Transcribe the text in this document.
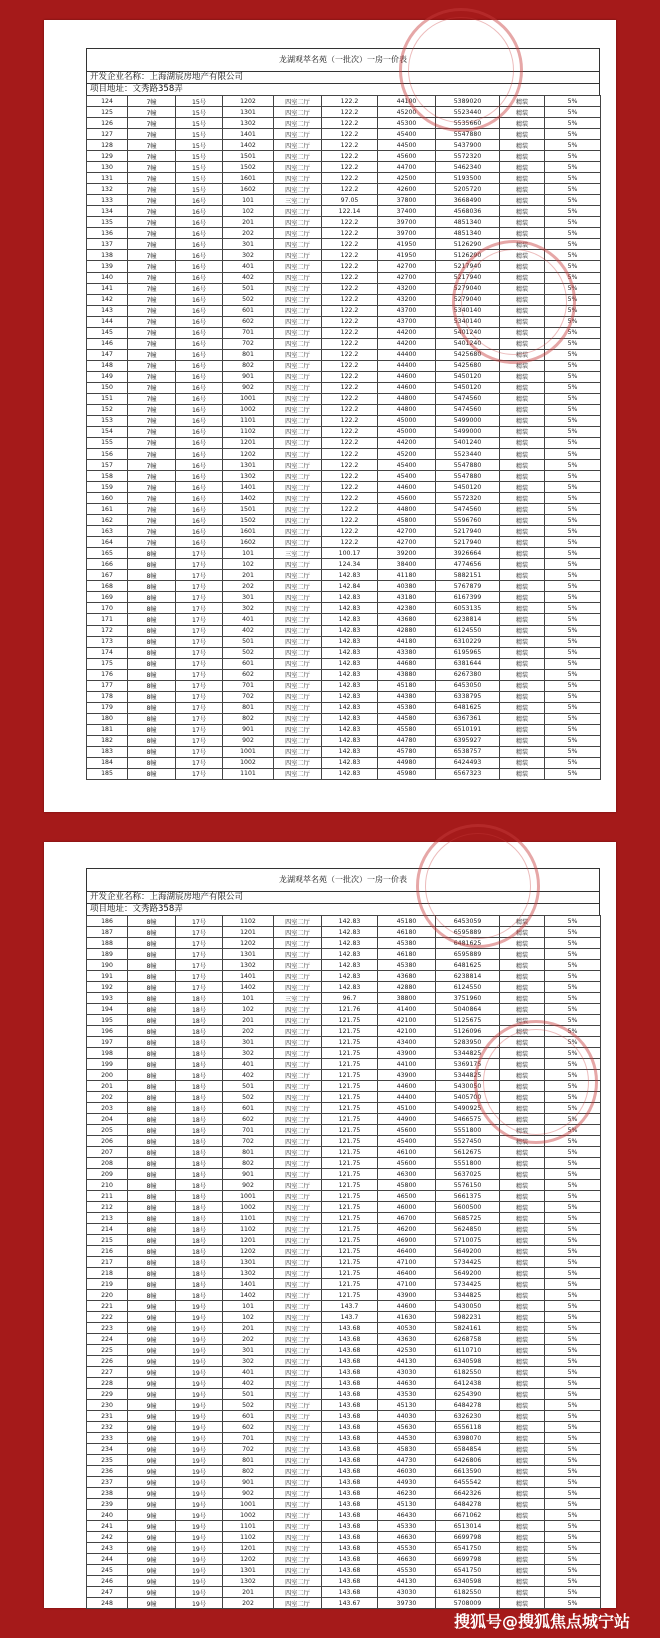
龙湖观萃名苑（一批次）一房一价表
开发企业名称：上海湖宸房地产有限公司
项目地址：文秀路358弄
124	7幢	15号	1202	四室二厅	122.2	44100	5389020	精装	5%
125	7幢	15号	1301	四室二厅	122.2	45200	5523440	精装	5%
126	7幢	15号	1302	四室二厅	122.2	45300	5535660	精装	5%
127	7幢	15号	1401	四室二厅	122.2	45400	5547880	精装	5%
128	7幢	15号	1402	四室二厅	122.2	44500	5437900	精装	5%
129	7幢	15号	1501	四室二厅	122.2	45600	5572320	精装	5%
130	7幢	15号	1502	四室二厅	122.2	44700	5462340	精装	5%
131	7幢	15号	1601	四室二厅	122.2	42500	5193500	精装	5%
132	7幢	15号	1602	四室二厅	122.2	42600	5205720	精装	5%
133	7幢	16号	101	三室二厅	97.05	37800	3668490	精装	5%
134	7幢	16号	102	四室二厅	122.14	37400	4568036	精装	5%
135	7幢	16号	201	四室二厅	122.2	39700	4851340	精装	5%
136	7幢	16号	202	四室二厅	122.2	39700	4851340	精装	5%
137	7幢	16号	301	四室二厅	122.2	41950	5126290	精装	5%
138	7幢	16号	302	四室二厅	122.2	41950	5126290	精装	5%
139	7幢	16号	401	四室二厅	122.2	42700	5217940	精装	5%
140	7幢	16号	402	四室二厅	122.2	42700	5217940	精装	5%
141	7幢	16号	501	四室二厅	122.2	43200	5279040	精装	5%
142	7幢	16号	502	四室二厅	122.2	43200	5279040	精装	5%
143	7幢	16号	601	四室二厅	122.2	43700	5340140	精装	5%
144	7幢	16号	602	四室二厅	122.2	43700	5340140	精装	5%
145	7幢	16号	701	四室二厅	122.2	44200	5401240	精装	5%
146	7幢	16号	702	四室二厅	122.2	44200	5401240	精装	5%
147	7幢	16号	801	四室二厅	122.2	44400	5425680	精装	5%
148	7幢	16号	802	四室二厅	122.2	44400	5425680	精装	5%
149	7幢	16号	901	四室二厅	122.2	44600	5450120	精装	5%
150	7幢	16号	902	四室二厅	122.2	44600	5450120	精装	5%
151	7幢	16号	1001	四室二厅	122.2	44800	5474560	精装	5%
152	7幢	16号	1002	四室二厅	122.2	44800	5474560	精装	5%
153	7幢	16号	1101	四室二厅	122.2	45000	5499000	精装	5%
154	7幢	16号	1102	四室二厅	122.2	45000	5499000	精装	5%
155	7幢	16号	1201	四室二厅	122.2	44200	5401240	精装	5%
156	7幢	16号	1202	四室二厅	122.2	45200	5523440	精装	5%
157	7幢	16号	1301	四室二厅	122.2	45400	5547880	精装	5%
158	7幢	16号	1302	四室二厅	122.2	45400	5547880	精装	5%
159	7幢	16号	1401	四室二厅	122.2	44600	5450120	精装	5%
160	7幢	16号	1402	四室二厅	122.2	45600	5572320	精装	5%
161	7幢	16号	1501	四室二厅	122.2	44800	5474560	精装	5%
162	7幢	16号	1502	四室二厅	122.2	45800	5596760	精装	5%
163	7幢	16号	1601	四室二厅	122.2	42700	5217940	精装	5%
164	7幢	16号	1602	四室二厅	122.2	42700	5217940	精装	5%
165	8幢	17号	101	三室二厅	100.17	39200	3926664	精装	5%
166	8幢	17号	102	四室二厅	124.34	38400	4774656	精装	5%
167	8幢	17号	201	四室二厅	142.83	41180	5882151	精装	5%
168	8幢	17号	202	四室二厅	142.84	40380	5767879	精装	5%
169	8幢	17号	301	四室二厅	142.83	43180	6167399	精装	5%
170	8幢	17号	302	四室二厅	142.83	42380	6053135	精装	5%
171	8幢	17号	401	四室二厅	142.83	43680	6238814	精装	5%
172	8幢	17号	402	四室二厅	142.83	42880	6124550	精装	5%
173	8幢	17号	501	四室二厅	142.83	44180	6310229	精装	5%
174	8幢	17号	502	四室二厅	142.83	43380	6195965	精装	5%
175	8幢	17号	601	四室二厅	142.83	44680	6381644	精装	5%
176	8幢	17号	602	四室二厅	142.83	43880	6267380	精装	5%
177	8幢	17号	701	四室二厅	142.83	45180	6453050	精装	5%
178	8幢	17号	702	四室二厅	142.83	44380	6338795	精装	5%
179	8幢	17号	801	四室二厅	142.83	45380	6481625	精装	5%
180	8幢	17号	802	四室二厅	142.83	44580	6367361	精装	5%
181	8幢	17号	901	四室二厅	142.83	45580	6510191	精装	5%
182	8幢	17号	902	四室二厅	142.83	44780	6395927	精装	5%
183	8幢	17号	1001	四室二厅	142.83	45780	6538757	精装	5%
184	8幢	17号	1002	四室二厅	142.83	44980	6424493	精装	5%
185	8幢	17号	1101	四室二厅	142.83	45980	6567323	精装	5%
龙湖观萃名苑（一批次）一房一价表
开发企业名称：上海湖宸房地产有限公司
项目地址：文秀路358弄
186	8幢	17号	1102	四室二厅	142.83	45180	6453059	精装	5%
187	8幢	17号	1201	四室二厅	142.83	46180	6595889	精装	5%
188	8幢	17号	1202	四室二厅	142.83	45380	6481625	精装	5%
189	8幢	17号	1301	四室二厅	142.83	46180	6595889	精装	5%
190	8幢	17号	1302	四室二厅	142.83	45380	6481625	精装	5%
191	8幢	17号	1401	四室二厅	142.83	43680	6238814	精装	5%
192	8幢	17号	1402	四室二厅	142.83	42880	6124550	精装	5%
193	8幢	18号	101	三室二厅	96.7	38800	3751960	精装	5%
194	8幢	18号	102	四室二厅	121.76	41400	5040864	精装	5%
195	8幢	18号	201	四室二厅	121.75	42100	5125675	精装	5%
196	8幢	18号	202	四室二厅	121.75	42100	5126096	精装	5%
197	8幢	18号	301	四室二厅	121.75	43400	5283950	精装	5%
198	8幢	18号	302	四室二厅	121.75	43900	5344825	精装	5%
199	8幢	18号	401	四室二厅	121.75	44100	5369175	精装	5%
200	8幢	18号	402	四室二厅	121.75	43900	5344825	精装	5%
201	8幢	18号	501	四室二厅	121.75	44600	5430050	精装	5%
202	8幢	18号	502	四室二厅	121.75	44400	5405700	精装	5%
203	8幢	18号	601	四室二厅	121.75	45100	5490925	精装	5%
204	8幢	18号	602	四室二厅	121.75	44900	5466575	精装	5%
205	8幢	18号	701	四室二厅	121.75	45600	5551800	精装	5%
206	8幢	18号	702	四室二厅	121.75	45400	5527450	精装	5%
207	8幢	18号	801	四室二厅	121.75	46100	5612675	精装	5%
208	8幢	18号	802	四室二厅	121.75	45600	5551800	精装	5%
209	8幢	18号	901	四室二厅	121.75	46300	5637025	精装	5%
210	8幢	18号	902	四室二厅	121.75	45800	5576150	精装	5%
211	8幢	18号	1001	四室二厅	121.75	46500	5661375	精装	5%
212	8幢	18号	1002	四室二厅	121.75	46000	5600500	精装	5%
213	8幢	18号	1101	四室二厅	121.75	46700	5685725	精装	5%
214	8幢	18号	1102	四室二厅	121.75	46200	5624850	精装	5%
215	8幢	18号	1201	四室二厅	121.75	46900	5710075	精装	5%
216	8幢	18号	1202	四室二厅	121.75	46400	5649200	精装	5%
217	8幢	18号	1301	四室二厅	121.75	47100	5734425	精装	5%
218	8幢	18号	1302	四室二厅	121.75	46400	5649200	精装	5%
219	8幢	18号	1401	四室二厅	121.75	47100	5734425	精装	5%
220	8幢	18号	1402	四室二厅	121.75	43900	5344825	精装	5%
221	9幢	19号	101	四室二厅	143.7	44600	5430050	精装	5%
222	9幢	19号	102	四室二厅	143.7	41630	5982231	精装	5%
223	9幢	19号	201	四室二厅	143.68	40530	5824161	精装	5%
224	9幢	19号	202	四室二厅	143.68	43630	6268758	精装	5%
225	9幢	19号	301	四室二厅	143.68	42530	6110710	精装	5%
226	9幢	19号	302	四室二厅	143.68	44130	6340598	精装	5%
227	9幢	19号	401	四室二厅	143.68	43030	6182550	精装	5%
228	9幢	19号	402	四室二厅	143.68	44630	6412438	精装	5%
229	9幢	19号	501	四室二厅	143.68	43530	6254390	精装	5%
230	9幢	19号	502	四室二厅	143.68	45130	6484278	精装	5%
231	9幢	19号	601	四室二厅	143.68	44030	6326230	精装	5%
232	9幢	19号	602	四室二厅	143.68	45630	6556118	精装	5%
233	9幢	19号	701	四室二厅	143.68	44530	6398070	精装	5%
234	9幢	19号	702	四室二厅	143.68	45830	6584854	精装	5%
235	9幢	19号	801	四室二厅	143.68	44730	6426806	精装	5%
236	9幢	19号	802	四室二厅	143.68	46030	6613590	精装	5%
237	9幢	19号	901	四室二厅	143.68	44930	6455542	精装	5%
238	9幢	19号	902	四室二厅	143.68	46230	6642326	精装	5%
239	9幢	19号	1001	四室二厅	143.68	45130	6484278	精装	5%
240	9幢	19号	1002	四室二厅	143.68	46430	6671062	精装	5%
241	9幢	19号	1101	四室二厅	143.68	45330	6513014	精装	5%
242	9幢	19号	1102	四室二厅	143.68	46630	6699798	精装	5%
243	9幢	19号	1201	四室二厅	143.68	45530	6541750	精装	5%
244	9幢	19号	1202	四室二厅	143.68	46630	6699798	精装	5%
245	9幢	19号	1301	四室二厅	143.68	45530	6541750	精装	5%
246	9幢	19号	1302	四室二厅	143.68	44130	6340598	精装	5%
247	9幢	19号	201	四室二厅	143.68	43030	6182550	精装	5%
248	9幢	19号	202	四室二厅	143.67	39730	5708009	精装	5%
搜狐号@搜狐焦点城宁站
